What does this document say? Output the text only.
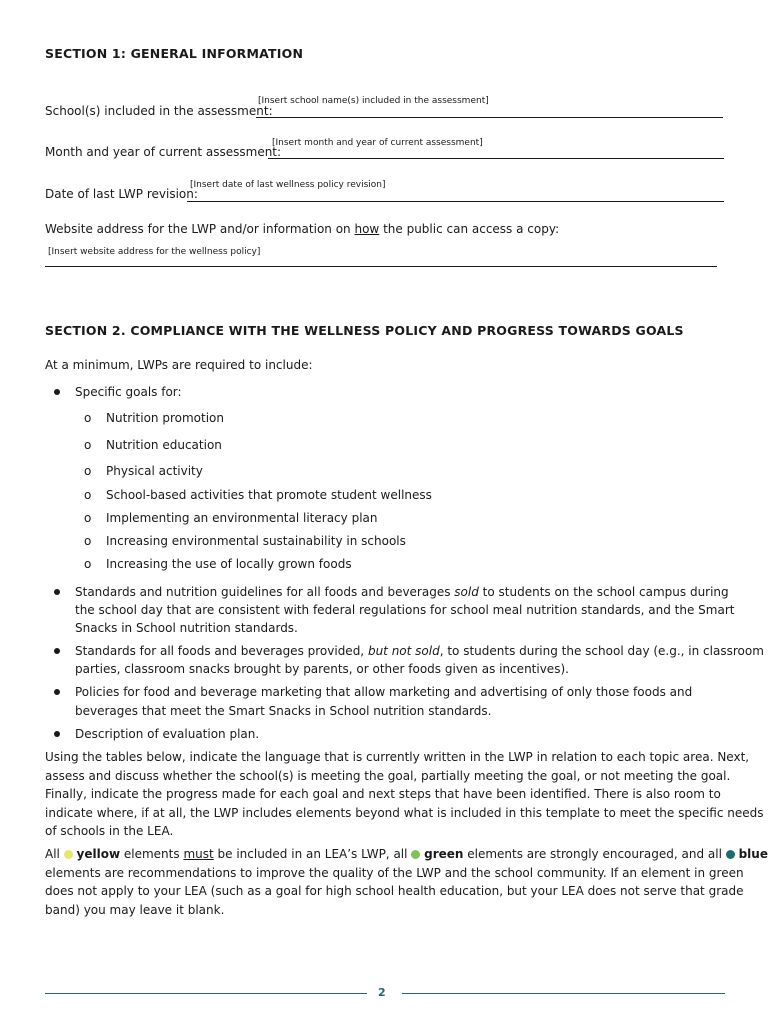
SECTION 1: GENERAL INFORMATION
[Insert school name(s) included in the assessment]
School(s) included in the assessment:
[Insert month and year of current assessment]
Month and year of current assessment:
[Insert date of last wellness policy revision]
Date of last LWP revision:
Website address for the LWP and/or information on how the public can access a copy:
[Insert website address for the wellness policy]
SECTION 2. COMPLIANCE WITH THE WELLNESS POLICY AND PROGRESS TOWARDS GOALS
At a minimum, LWPs are required to include:
Specific goals for:
o Nutrition promotion
o Nutrition education
o Physical activity
o School-based activities that promote student wellness
o Implementing an environmental literacy plan
o Increasing environmental sustainability in schools
o Increasing the use of locally grown foods
Standards and nutrition guidelines for all foods and beverages sold to students on the school campus during
the school day that are consistent with federal regulations for school meal nutrition standards, and the Smart
Snacks in School nutrition standards.
Standards for all foods and beverages provided, but not sold, to students during the school day (e.g., in classroom
parties, classroom snacks brought by parents, or other foods given as incentives).
Policies for food and beverage marketing that allow marketing and advertising of only those foods and
beverages that meet the Smart Snacks in School nutrition standards.
Description of evaluation plan.
Using the tables below, indicate the language that is currently written in the LWP in relation to each topic area. Next,
assess and discuss whether the school(s) is meeting the goal, partially meeting the goal, or not meeting the goal.
Finally, indicate the progress made for each goal and next steps that have been identified. There is also room to
indicate where, if at all, the LWP includes elements beyond what is included in this template to meet the specific needs
of schools in the LEA.
All  yellow elements must be included in an LEA’s LWP, all  green elements are strongly encouraged, and all  blue
elements are recommendations to improve the quality of the LWP and the school community. If an element in green
does not apply to your LEA (such as a goal for high school health education, but your LEA does not serve that grade
band) you may leave it blank.
2
